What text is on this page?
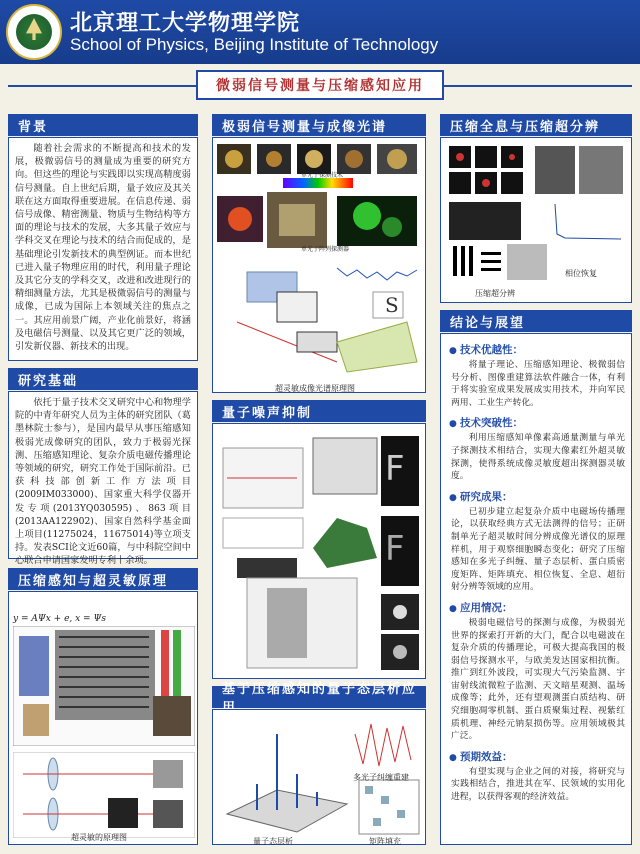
北京理工大学物理学院
School of Physics, Beijing Institute of Technology
微弱信号测量与压缩感知应用
背景

随着社会需求的不断提高和技术的发展，极微弱信号的测量成为重要的研究方向。但这些的理论与实践即以实现高精度弱信号测量。自上世纪后期，量子效应及其关联在这方面取得重要进展。在信息传递、弱信号成像、精密测量、物质与生物结构等方面的理论与技术的发展，大多其量子效应与学科交叉在理论与技术的结合而促成的，是基础理论引发新技术的典型例证。而本世纪已进入量子物理应用的时代，利用量子理论及其它分支的学科交叉，改进和改进现行的精细测量方法，尤其是极微弱信号的测量与成像，已成为国际上本领域关注的焦点之一。其应用前景广阔，产业化前景好，将涵及电磁信号测量、以及其它更广泛的领域，引发新仪器、新技术的出现。

研究基础

依托于量子技术交叉研究中心和物理学院的中青年研究人员为主体的研究团队（葛墨林院士参与），是国内最早从事压缩感知极弱光成像研究的团队，致力于极弱光探测、压缩感知理论、复杂介质电磁传播理论等领域的研究，研究工作处于国际前沿。已获科技部创新工作方法项目(2009IM033000)、国家重大科学仪器开发专项(2013YQ030595)、863项目(2013AA122902)、国家自然科学基金面上项目(11275024，11675014)等立项支持。发表SCI论文近60篇，与中科院空间中心联合申请国家发明专利十余项。

压缩感知与超灵敏原理
y = AΨx + e, x = Ψs
超灵敏的原理图
极弱信号测量与成像光谱
单光子探测技术
单光子阵列探测器
S
超灵敏成像光谱原理图
量子噪声抑制
F
F
基于压缩感知的量子态层析应
量子态层析
多光子纠缠重建
矩阵填充
压缩全息与压缩超分辨
压缩全息
相位恢复
压缩超分辨
结论与展望
● 技术优越性：

将量子理论、压缩感知理论、极微弱信号分析、图像重建算法软件融合一体，有利于将实验室成果发展成实用技术，并向军民两用、工业生产转化。

● 技术突破性：

利用压缩感知单像素高通量测量与单光子探测技术相结合，实现大像素红外超灵敏探测，使得系统成像灵敏度超出探测器灵敏度。

● 研究成果：

已初步建立起复杂介质中电磁场传播理论，以获取经典方式无法测得的信号；正研制单光子超灵敏时间分辨成像光谱仪的原理样机，用于观察细胞瞬态变化；研究了压缩感知在多光子纠缠、量子态层析、蛋白质密度矩阵、矩阵填充、相位恢复、全息、超衍射分辨等领域的应用。

● 应用情况：

极弱电磁信号的探测与成像，为极弱光世界的探索打开新的大门，配合以电磁波在复杂介质的传播理论，可极大提高我国的极弱信号探测水平，与欧美发达国家相抗衡。推广到红外波段，可实现大气污染监测、宇宙射线流微粒子监测、天文暗星观测、温场成像等；此外，还有望观测蛋白质结构、研究细胞凋零机制、蛋白质聚集过程、视紫红质机理、神经元钠泵损伤等。应用领域极其广泛。

● 预期效益：

有望实现与企业之间的对接，将研究与实践相结合，推进其在军、民领域的实用化进程，以获得客观的经济效益。
